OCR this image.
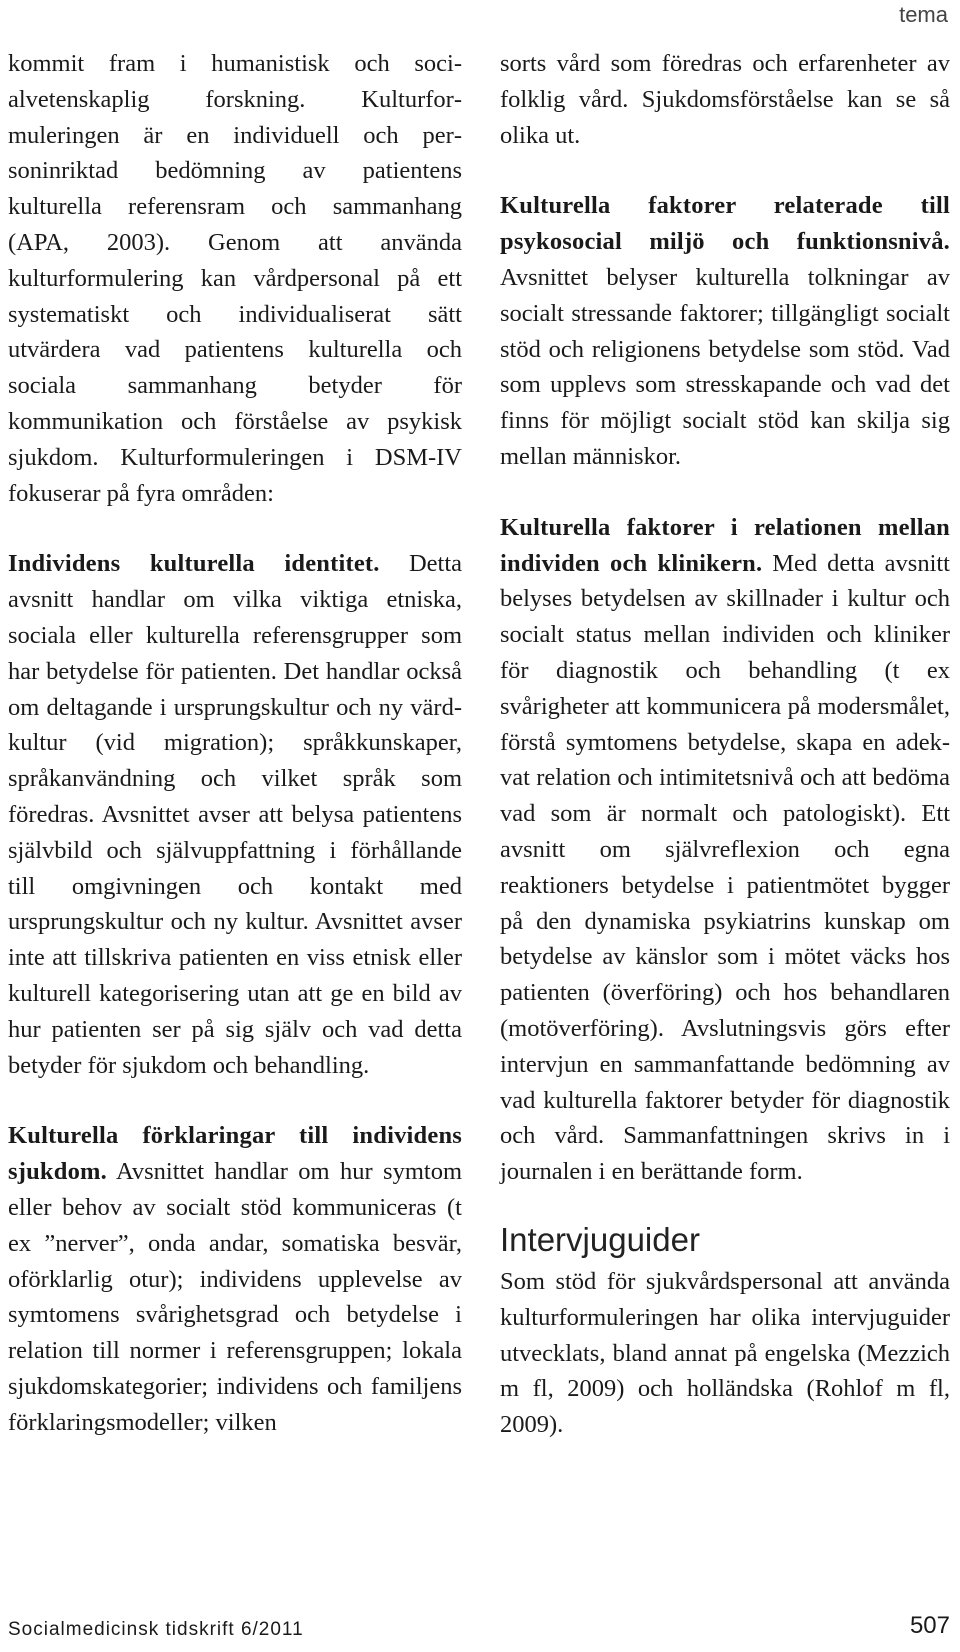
tema

kommit fram i humanistisk och socialvetenskaplig forskning. Kulturformuleringen är en individuell och personinriktad bedömning av patientens kulturella referensram och sammanhang (APA, 2003). Genom att använda kulturformulering kan vårdpersonal på ett systematiskt och individualiserat sätt utvärdera vad patientens kulturella och sociala sammanhang betyder för kommunikation och förståelse av psykisk sjukdom. Kulturformuleringen i DSM-IV fokuserar på fyra områden:

Individens kulturella identitet. Detta avsnitt handlar om vilka viktiga etniska, sociala eller kulturella referensgrupper som har betydelse för patienten. Det handlar också om deltagande i ursprungskultur och ny värdkultur (vid migration); språkkunskaper, språkanvändning och vilket språk som föredras. Avsnittet avser att belysa patientens självbild och självuppfattning i förhållande till omgivningen och kontakt med ursprungskultur och ny kultur. Avsnittet avser inte att tillskriva patienten en viss etnisk eller kulturell kategorisering utan att ge en bild av hur patienten ser på sig själv och vad detta betyder för sjukdom och behandling.

Kulturella förklaringar till individens sjukdom. Avsnittet handlar om hur symtom eller behov av socialt stöd kommuniceras (t ex ”nerver”, onda andar, somatiska besvär, oförklarlig otur); individens upplevelse av symtomens svårighetsgrad och betydelse i relation till normer i referensgruppen; lokala sjukdomskategorier; individens och familjens förklaringsmodeller; vilken

sorts vård som föredras och erfarenheter av folklig vård. Sjukdomsförståelse kan se så olika ut.

Kulturella faktorer relaterade till psykosocial miljö och funktionsnivå. Avsnittet belyser kulturella tolkningar av socialt stressande faktorer; tillgängligt socialt stöd och religionens betydelse som stöd. Vad som upplevs som stresskapande och vad det finns för möjligt socialt stöd kan skilja sig mellan människor.

Kulturella faktorer i relationen mellan individen och klinikern. Med detta avsnitt belyses betydelsen av skillnader i kultur och socialt status mellan individen och kliniker för diagnostik och behandling (t ex svårigheter att kommunicera på modersmålet, förstå symtomens betydelse, skapa en adekvat relation och intimitetsnivå och att bedöma vad som är normalt och patologiskt). Ett avsnitt om självreflexion och egna reaktioners betydelse i patientmötet bygger på den dynamiska psykiatrins kunskap om betydelse av känslor som i mötet väcks hos patienten (överföring) och hos behandlaren (motöverföring). Avslutningsvis görs efter intervjun en sammanfattande bedömning av vad kulturella faktorer betyder för diagnostik och vård. Sammanfattningen skrivs in i journalen i en berättande form.

Intervjuguider

Som stöd för sjukvårdspersonal att använda kulturformuleringen har olika intervjuguider utvecklats, bland annat på engelska (Mezzich m fl, 2009) och holländska (Rohlof m fl, 2009).

Socialmedicinsk tidskrift 6/2011	507
